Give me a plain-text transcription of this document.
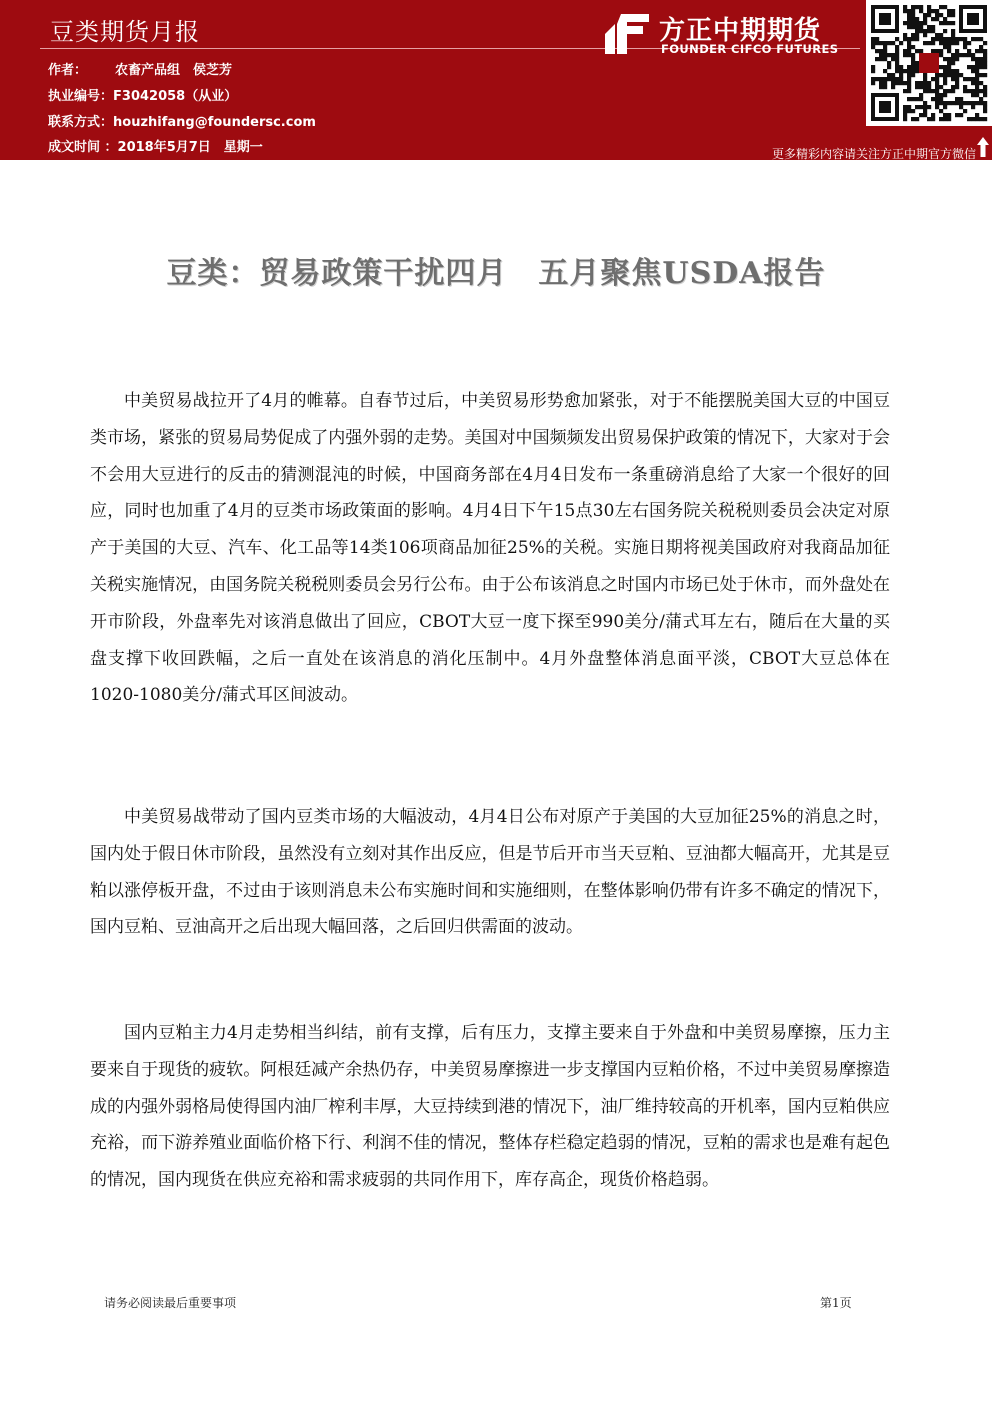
豆类期货月报
作者： 农畜产品组　侯芝芳
执业编号：F3042058（从业）
联系方式：houzhifang@foundersc.com
成文时间 ：2018年5月7日　星期一
方正中期期货
FOUNDER CIFCO FUTURES
更多精彩内容请关注方正中期官方微信
豆类：贸易政策干扰四月　五月聚焦USDA报告

中美贸易战拉开了4月的帷幕。自春节过后，中美贸易形势愈加紧张，对于不能摆脱美国大豆的中国豆类市场，紧张的贸易局势促成了内强外弱的走势。美国对中国频频发出贸易保护政策的情况下，大家对于会不会用大豆进行的反击的猜测混沌的时候，中国商务部在4月4日发布一条重磅消息给了大家一个很好的回应，同时也加重了4月的豆类市场政策面的影响。4月4日下午15点30左右国务院关税税则委员会决定对原产于美国的大豆、汽车、化工品等14类106项商品加征25%的关税。实施日期将视美国政府对我商品加征关税实施情况，由国务院关税税则委员会另行公布。由于公布该消息之时国内市场已处于休市，而外盘处在开市阶段，外盘率先对该消息做出了回应，CBOT大豆一度下探至990美分/蒲式耳左右，随后在大量的买盘支撑下收回跌幅，之后一直处在该消息的消化压制中。4月外盘整体消息面平淡，CBOT大豆总体在1020-1080美分/蒲式耳区间波动。

中美贸易战带动了国内豆类市场的大幅波动，4月4日公布对原产于美国的大豆加征25%的消息之时，国内处于假日休市阶段，虽然没有立刻对其作出反应，但是节后开市当天豆粕、豆油都大幅高开，尤其是豆粕以涨停板开盘，不过由于该则消息未公布实施时间和实施细则，在整体影响仍带有许多不确定的情况下，国内豆粕、豆油高开之后出现大幅回落，之后回归供需面的波动。

国内豆粕主力4月走势相当纠结，前有支撑，后有压力，支撑主要来自于外盘和中美贸易摩擦，压力主要来自于现货的疲软。阿根廷减产余热仍存，中美贸易摩擦进一步支撑国内豆粕价格，不过中美贸易摩擦造成的内强外弱格局使得国内油厂榨利丰厚，大豆持续到港的情况下，油厂维持较高的开机率，国内豆粕供应充裕，而下游养殖业面临价格下行、利润不佳的情况，整体存栏稳定趋弱的情况，豆粕的需求也是难有起色的情况，国内现货在供应充裕和需求疲弱的共同作用下，库存高企，现货价格趋弱。

请务必阅读最后重要事项	第1页
